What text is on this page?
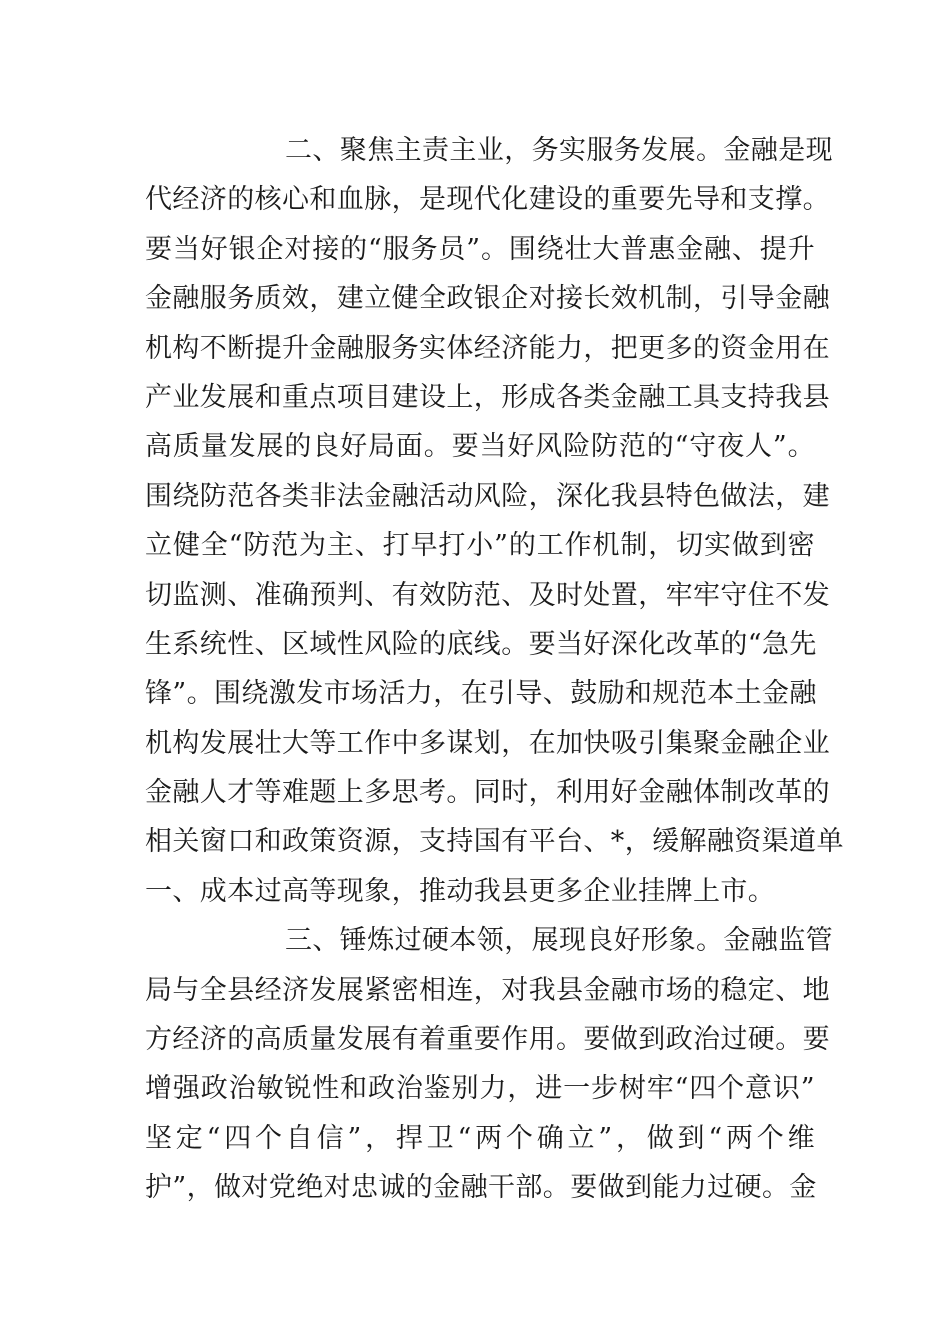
二、聚焦主责主业，务实服务发展。金融是现
代经济的核心和血脉，是现代化建设的重要先导和支撑。
要当好银企对接的“服务员”。围绕壮大普惠金融、提升
金融服务质效，建立健全政银企对接长效机制，引导金融
机构不断提升金融服务实体经济能力，把更多的资金用在
产业发展和重点项目建设上，形成各类金融工具支持我县
高质量发展的良好局面。要当好风险防范的“守夜人”。
围绕防范各类非法金融活动风险，深化我县特色做法，建
立健全“防范为主、打早打小”的工作机制，切实做到密
切监测、准确预判、有效防范、及时处置，牢牢守住不发
生系统性、区域性风险的底线。要当好深化改革的“急先
锋”。围绕激发市场活力，在引导、鼓励和规范本土金融
机构发展壮大等工作中多谋划，在加快吸引集聚金融企业
金融人才等难题上多思考。同时，利用好金融体制改革的
相关窗口和政策资源，支持国有平台、*，缓解融资渠道单
一、成本过高等现象，推动我县更多企业挂牌上市。
三、锤炼过硬本领，展现良好形象。金融监管
局与全县经济发展紧密相连，对我县金融市场的稳定、地
方经济的高质量发展有着重要作用。要做到政治过硬。要
增强政治敏锐性和政治鉴别力，进一步树牢“四个意识”
坚定“四个自信”，捍卫“两个确立”，做到“两个维
护”，做对党绝对忠诚的金融干部。要做到能力过硬。金
